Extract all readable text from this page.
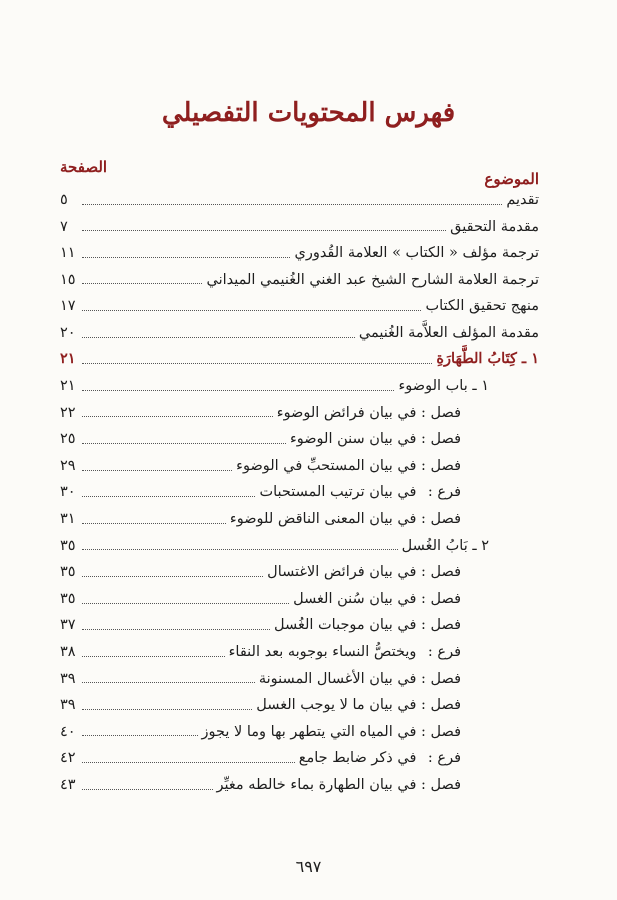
فهرس المحتويات التفصيلي
الموضوع
الصفحة
تقديم
٥
مقدمة التحقيق
٧
ترجمة مؤلف « الكتاب » العلامة القُدوري
١١
ترجمة العلامة الشارح الشيخ عبد الغني الغُنيمي الميداني
١٥
منهج تحقيق الكتاب
١٧
مقدمة المؤلف العلاَّمة الغُنيمي
٢٠
١ ـ كِتَابُ الطَّهَارَةِ
٢١
١ ـ باب الوضوء
٢١
فصل : في بيان فرائض الوضوء
٢٢
فصل : في بيان سنن الوضوء
٢٥
فصل : في بيان المستحبِّ في الوضوء
٢٩
فرع : في بيان ترتيب المستحبات
٣٠
فصل : في بيان المعنى الناقض للوضوء
٣١
٢ ـ بَابُ الغُسل
٣٥
فصل : في بيان فرائض الاغتسال
٣٥
فصل : في بيان سُنن الغسل
٣٥
فصل : في بيان موجبات الغُسل
٣٧
فرع : ويختصُّ النساء بوجوبه بعد النقاء
٣٨
فصل : في بيان الأغسال المسنونة
٣٩
فصل : في بيان ما لا يوجب الغسل
٣٩
فصل : في المياه التي يتطهر بها وما لا يجوز
٤٠
فرع : في ذكر ضابط جامع
٤٢
فصل : في بيان الطهارة بماء خالطه مغيِّر
٤٣
٦٩٧
